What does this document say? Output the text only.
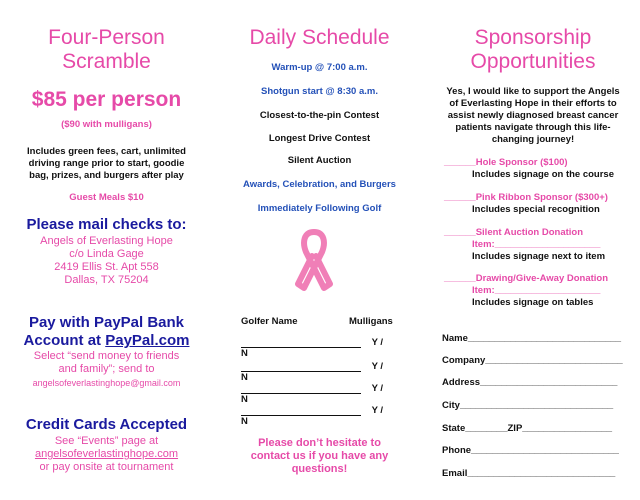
Four-Person
Scramble
$85 per person
($90 with mulligans)
Includes green fees, cart, unlimited
driving range prior to start, goodie
bag, prizes, and burgers after play
Guest Meals $10
Please mail checks to:
Angels of Everlasting Hope
c/o Linda Gage
2419 Ellis St. Apt 558
Dallas, TX 75204
Pay with PayPal Bank
Account at PayPal.com
Select “send money to friends
and family”; send to
angelsofeverlastinghope@gmail.com
Credit Cards Accepted
See “Events” page at
angelsofeverlastinghope.com
or pay onsite at tournament
Daily Schedule
Warm-up @ 7:00 a.m.
Shotgun start @ 8:30 a.m.
Closest-to-the-pin Contest
Longest Drive Contest
Silent Auction
Awards, Celebration, and Burgers
Immediately Following Golf
Golfer Name	Mulligans
Y / N
Y / N
Y / N
Y / N
Please don’t hesitate to
contact us if you have any
questions!
Sponsorship
Opportunities
Yes, I would like to support the Angels
of Everlasting Hope in their efforts to
assist newly diagnosed breast cancer
patients navigate through this life-
changing journey!
______Hole Sponsor ($100)
Includes signage on the course
______Pink Ribbon Sponsor ($300+)
Includes special recognition
______Silent Auction Donation
Item:____________________
Includes signage next to item
______Drawing/Give-Away Donation
Item:____________________
Includes signage on tables
Name_____________________________
Company__________________________
Address__________________________
City_____________________________
State________ZIP_________________
Phone____________________________
Email____________________________
